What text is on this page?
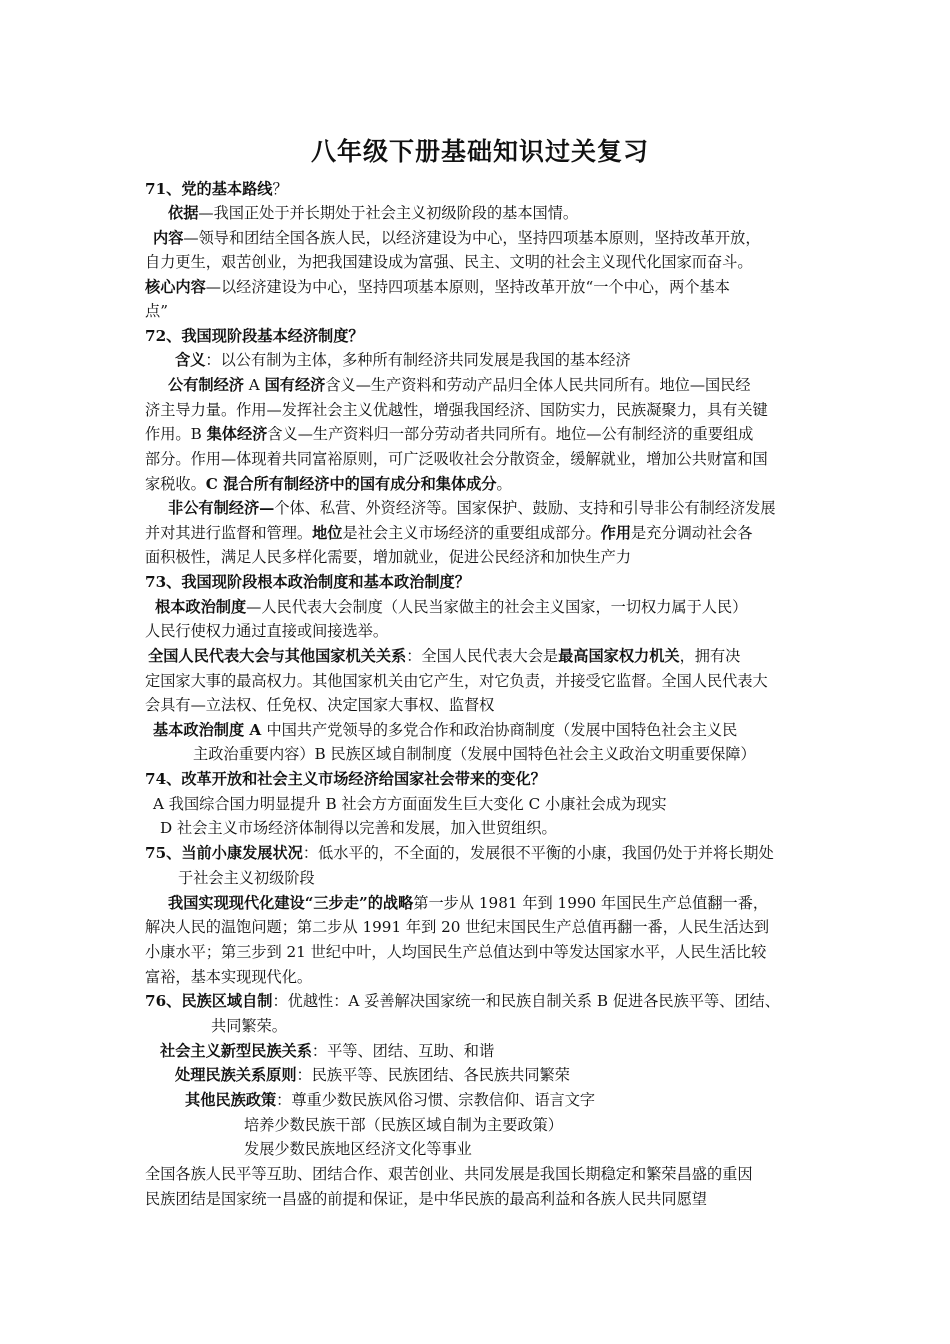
八年级下册基础知识过关复习
71、党的基本路线？
依据—我国正处于并长期处于社会主义初级阶段的基本国情。
内容—领导和团结全国各族人民，以经济建设为中心，坚持四项基本原则，坚持改革开放，
自力更生，艰苦创业，为把我国建设成为富强、民主、文明的社会主义现代化国家而奋斗。
核心内容—以经济建设为中心，坚持四项基本原则，坚持改革开放“一个中心，两个基本
点”
72、我国现阶段基本经济制度？
含义：以公有制为主体，多种所有制经济共同发展是我国的基本经济
公有制经济 A 国有经济含义—生产资料和劳动产品归全体人民共同所有。地位—国民经
济主导力量。作用—发挥社会主义优越性，增强我国经济、国防实力，民族凝聚力，具有关键
作用。B 集体经济含义—生产资料归一部分劳动者共同所有。地位—公有制经济的重要组成
部分。作用—体现着共同富裕原则，可广泛吸收社会分散资金，缓解就业，增加公共财富和国
家税收。C 混合所有制经济中的国有成分和集体成分。
非公有制经济—个体、私营、外资经济等。国家保护、鼓励、支持和引导非公有制经济发展
并对其进行监督和管理。地位是社会主义市场经济的重要组成部分。作用是充分调动社会各
面积极性，满足人民多样化需要，增加就业，促进公民经济和加快生产力
73、我国现阶段根本政治制度和基本政治制度？
根本政治制度—人民代表大会制度（人民当家做主的社会主义国家，一切权力属于人民）
人民行使权力通过直接或间接选举。
全国人民代表大会与其他国家机关关系：全国人民代表大会是最高国家权力机关，拥有决
定国家大事的最高权力。其他国家机关由它产生，对它负责，并接受它监督。全国人民代表大
会具有—立法权、任免权、决定国家大事权、监督权
基本政治制度 A 中国共产党领导的多党合作和政治协商制度（发展中国特色社会主义民
主政治重要内容）B 民族区域自制制度（发展中国特色社会主义政治文明重要保障）
74、改革开放和社会主义市场经济给国家社会带来的变化？
A 我国综合国力明显提升 B 社会方方面面发生巨大变化 C 小康社会成为现实
D 社会主义市场经济体制得以完善和发展，加入世贸组织。
75、当前小康发展状况：低水平的，不全面的，发展很不平衡的小康，我国仍处于并将长期处
于社会主义初级阶段
我国实现现代化建设“三步走”的战略第一步从 1981 年到 1990 年国民生产总值翻一番，
解决人民的温饱问题；第二步从 1991 年到 20 世纪末国民生产总值再翻一番，人民生活达到
小康水平；第三步到 21 世纪中叶，人均国民生产总值达到中等发达国家水平，人民生活比较
富裕，基本实现现代化。
76、民族区域自制：优越性：A 妥善解决国家统一和民族自制关系 B 促进各民族平等、团结、
共同繁荣。
社会主义新型民族关系：平等、团结、互助、和谐
处理民族关系原则：民族平等、民族团结、各民族共同繁荣
其他民族政策：尊重少数民族风俗习惯、宗教信仰、语言文字
培养少数民族干部（民族区域自制为主要政策）
发展少数民族地区经济文化等事业
全国各族人民平等互助、团结合作、艰苦创业、共同发展是我国长期稳定和繁荣昌盛的重因
民族团结是国家统一昌盛的前提和保证，是中华民族的最高利益和各族人民共同愿望
